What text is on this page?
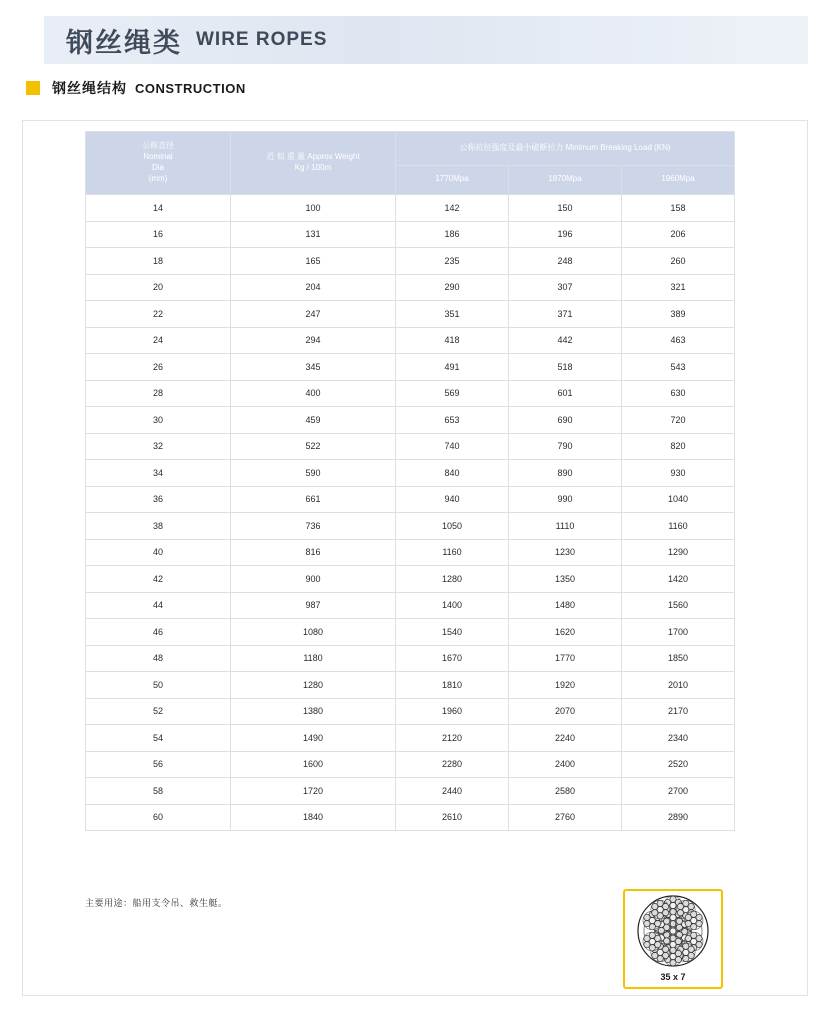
钢丝绳类 WIRE ROPES
钢丝绳结构 CONSTRUCTION
公称直径
Nominal
Dia
(mm)

近 似 重 量 Approx Weight
Kg / 100m
	公称抗拉强度及最小破断拉力 Minimum Breaking Load (KN)
		1770Mpa	1870Mpa	1960Mpa
14	100	142	150	158
16	131	186	196	206
18	165	235	248	260
20	204	290	307	321
22	247	351	371	389
24	294	418	442	463
26	345	491	518	543
28	400	569	601	630
30	459	653	690	720
32	522	740	790	820
34	590	840	890	930
36	661	940	990	1040
38	736	1050	1110	1160
40	816	1160	1230	1290
42	900	1280	1350	1420
44	987	1400	1480	1560
46	1080	1540	1620	1700
48	1180	1670	1770	1850
50	1280	1810	1920	2010
52	1380	1960	2070	2170
54	1490	2120	2240	2340
56	1600	2280	2400	2520
58	1720	2440	2580	2700
60	1840	2610	2760	2890
主要用途：船用支令吊、救生艇。
35 x 7
